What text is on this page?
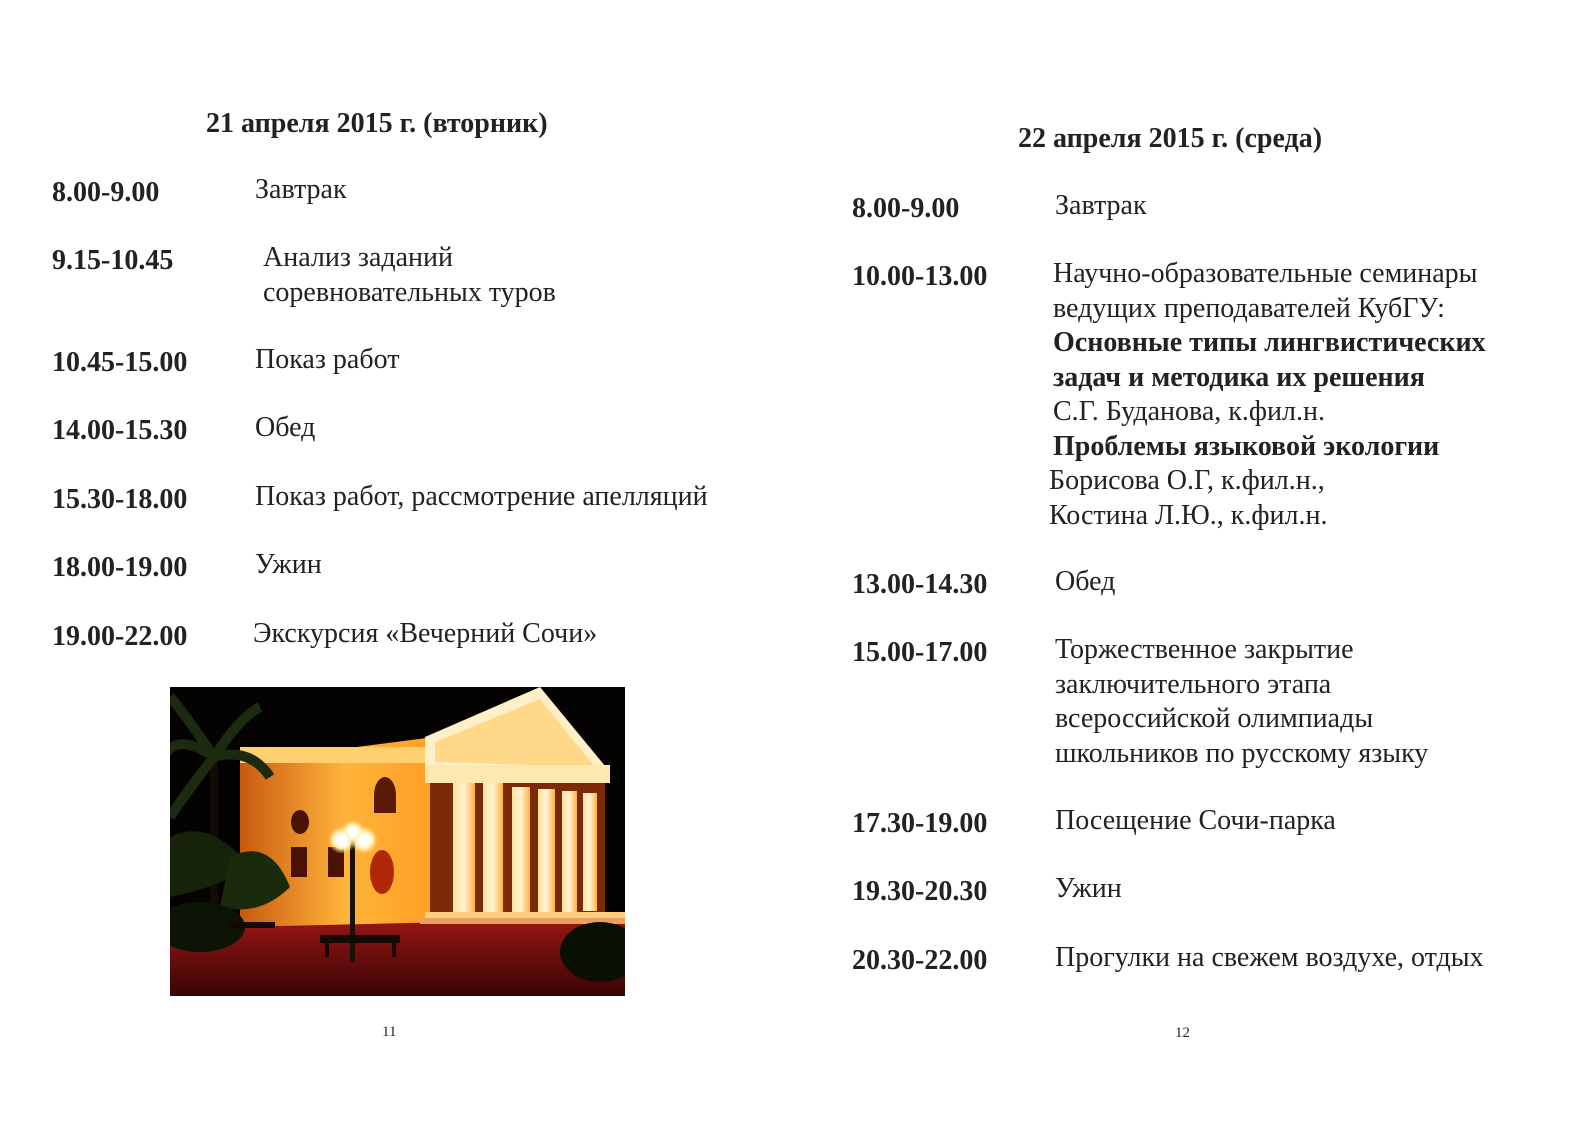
21 апреля 2015 г. (вторник)
8.00-9.00	Завтрак
9.15-10.45	Анализ заданий
соревновательных туров
10.45-15.00 Показ работ
14.00-15.30 Обед
15.30-18.00 Показ работ, рассмотрение апелляций
18.00-19.00 Ужин
19.00-22.00 Экскурсия «Вечерний Сочи»
11
22 апреля 2015 г. (среда)
8.00-9.00	Завтрак
10.00-13.00 Научно-образовательные семинары
ведущих преподавателей КубГУ:
Основные типы лингвистических
задач и методика их решения
С.Г. Буданова, к.фил.н.
Проблемы языковой экологии
Борисова О.Г, к.фил.н.,
Костина Л.Ю., к.фил.н.
13.00-14.30 Обед
15.00-17.00 Торжественное закрытие
заключительного этапа
всероссийской олимпиады
школьников по русскому языку
17.30-19.00 Посещение Сочи-парка
19.30-20.30 Ужин
20.30-22.00 Прогулки на свежем воздухе, отдых
12
